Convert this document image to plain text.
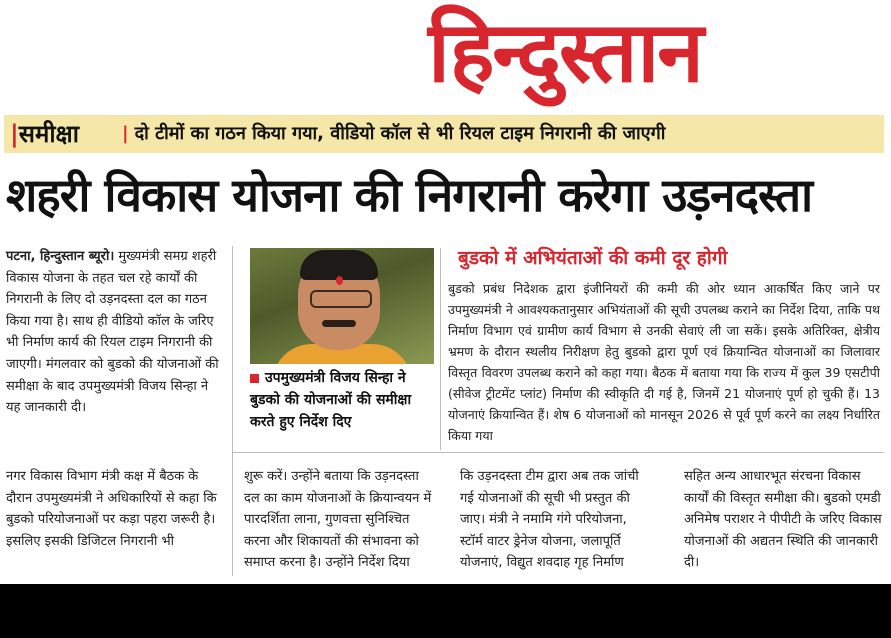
हिन्दुस्तान
|समीक्षा | दो टीमों का गठन किया गया, वीडियो कॉल से भी रियल टाइम निगरानी की जाएगी
शहरी विकास योजना की निगरानी करेगा उड़नदस्ता

पटना, हिन्दुस्तान ब्यूरो। मुख्यमंत्री समग्र शहरी विकास योजना के तहत चल रहे कार्यों की निगरानी के लिए दो उड़नदस्ता दल का गठन किया गया है। साथ ही वीडियो कॉल के जरिए भी निर्माण कार्य की रियल टाइम निगरानी की जाएगी। मंगलवार को बुडको की योजनाओं की समीक्षा के बाद उपमुख्यमंत्री विजय सिन्हा ने यह जानकारी दी।

नगर विकास विभाग मंत्री कक्ष में बैठक के दौरान उपमुख्यमंत्री ने अधिकारियों से कहा कि बुडको परियोजनाओं पर कड़ा पहरा जरूरी है। इसलिए इसकी डिजिटल निगरानी भी

उपमुख्यमंत्री विजय सिन्हा ने बुडको की योजनाओं की समीक्षा करते हुए निर्देश दिए
बुडको में अभियंताओं की कमी दूर होगी
बुडको प्रबंध निदेशक द्वारा इंजीनियरों की कमी की ओर ध्यान आकर्षित किए जाने पर उपमुख्यमंत्री ने आवश्यकतानुसार अभियंताओं की सूची उपलब्ध कराने का निर्देश दिया, ताकि पथ निर्माण विभाग एवं ग्रामीण कार्य विभाग से उनकी सेवाएं ली जा सकें। इसके अतिरिक्त, क्षेत्रीय भ्रमण के दौरान स्थलीय निरीक्षण हेतु बुडको द्वारा पूर्ण एवं क्रियान्वित योजनाओं का जिलावार विस्तृत विवरण उपलब्ध कराने को कहा गया। बैठक में बताया गया कि राज्य में कुल 39 एसटीपी (सीवेज ट्रीटमेंट प्लांट) निर्माण की स्वीकृति दी गई है, जिनमें 21 योजनाएं पूर्ण हो चुकी हैं। 13 योजनाएं क्रियान्वित हैं। शेष 6 योजनाओं को मानसून 2026 से पूर्व पूर्ण करने का लक्ष्य निर्धारित किया गया
शुरू करें। उन्होंने बताया कि उड़नदस्ता दल का काम योजनाओं के क्रियान्वयन में पारदर्शिता लाना, गुणवत्ता सुनिश्चित करना और शिकायतों की संभावना को समाप्त करना है। उन्होंने निर्देश दिया
कि उड़नदस्ता टीम द्वारा अब तक जांची गई योजनाओं की सूची भी प्रस्तुत की जाए। मंत्री ने नमामि गंगे परियोजना, स्टॉर्म वाटर ड्रेनेज योजना, जलापूर्ति योजनाएं, विद्युत शवदाह गृह निर्माण
सहित अन्य आधारभूत संरचना विकास कार्यों की विस्तृत समीक्षा की। बुडको एमडी अनिमेष पराशर ने पीपीटी के जरिए विकास योजनाओं की अद्यतन स्थिति की जानकारी दी।
